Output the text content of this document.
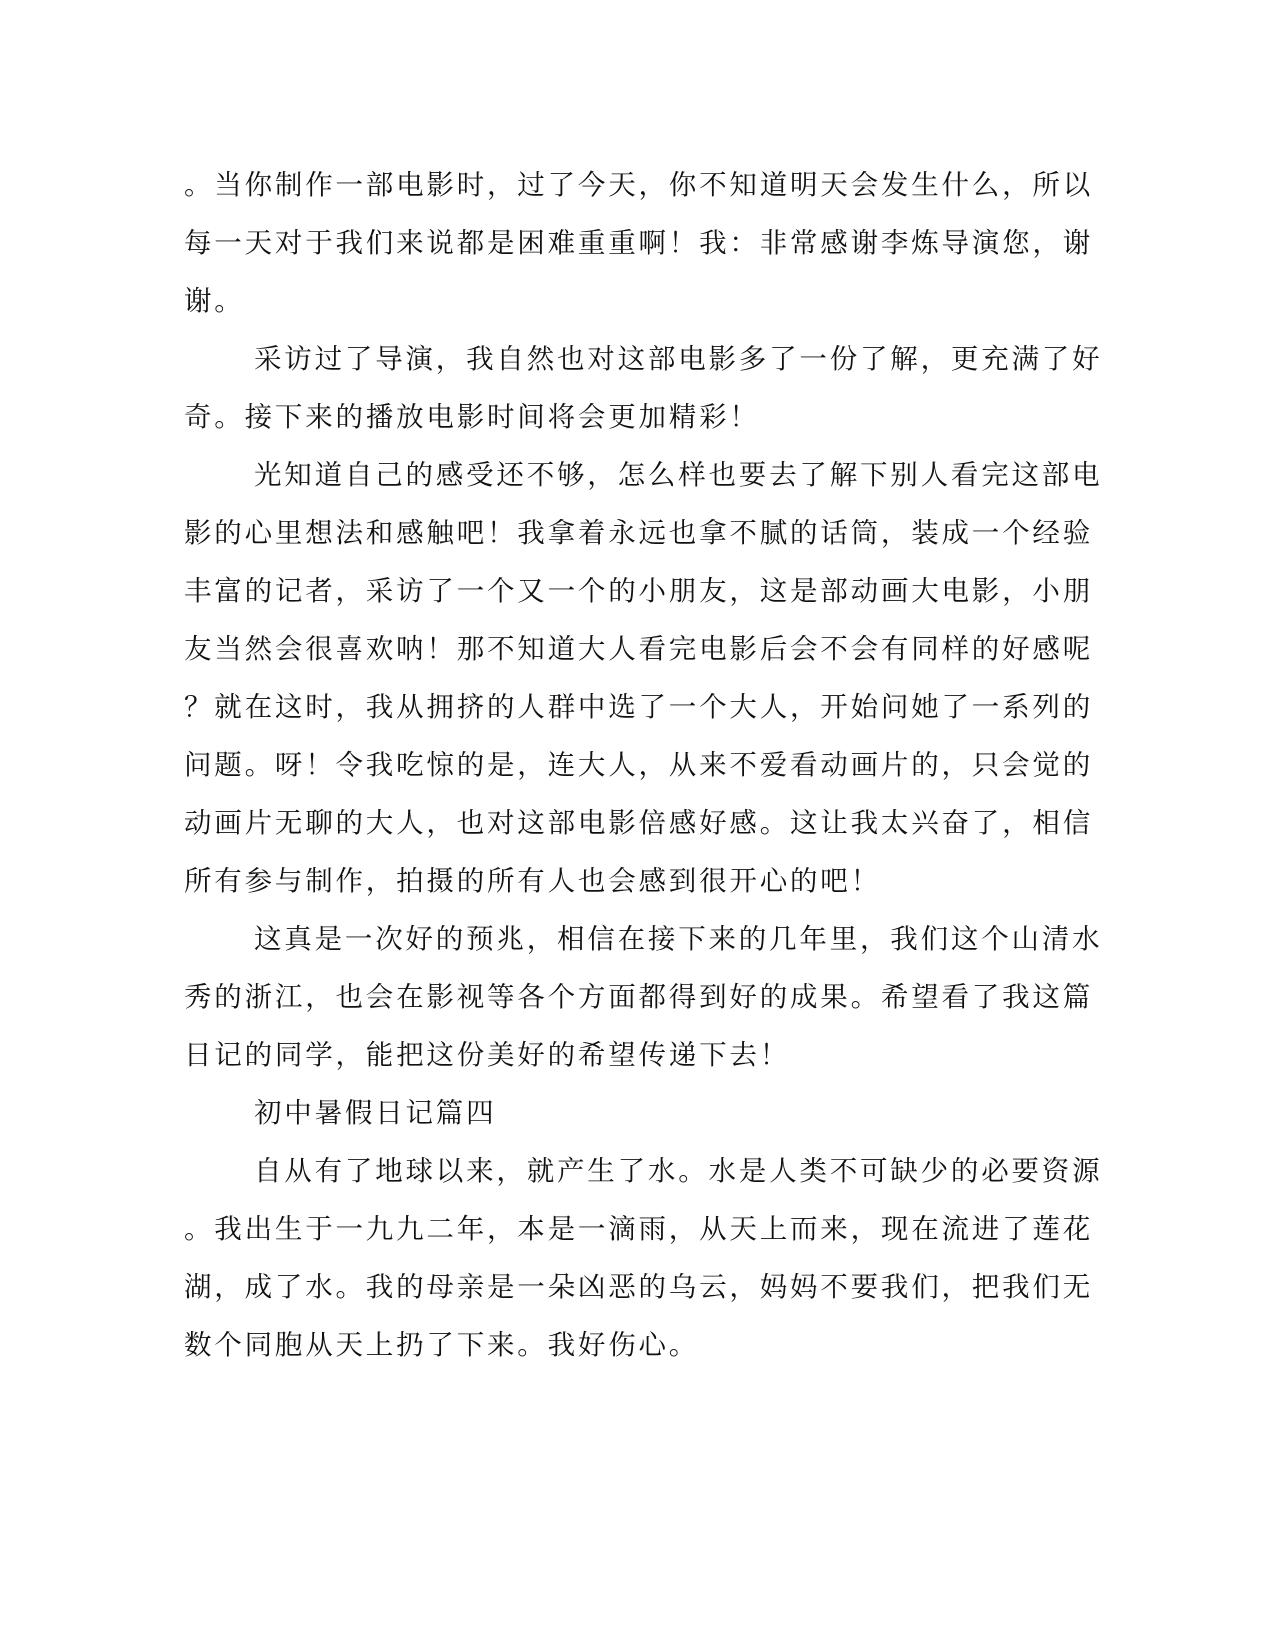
。当你制作一部电影时，过了今天，你不知道明天会发生什么，所以
每一天对于我们来说都是困难重重啊！我：非常感谢李炼导演您，谢
谢。
采访过了导演，我自然也对这部电影多了一份了解，更充满了好
奇。接下来的播放电影时间将会更加精彩！
光知道自己的感受还不够，怎么样也要去了解下别人看完这部电
影的心里想法和感触吧！我拿着永远也拿不腻的话筒，装成一个经验
丰富的记者，采访了一个又一个的小朋友，这是部动画大电影，小朋
友当然会很喜欢呐！那不知道大人看完电影后会不会有同样的好感呢
？就在这时，我从拥挤的人群中选了一个大人，开始问她了一系列的
问题。呀！令我吃惊的是，连大人，从来不爱看动画片的，只会觉的
动画片无聊的大人，也对这部电影倍感好感。这让我太兴奋了，相信
所有参与制作，拍摄的所有人也会感到很开心的吧！
这真是一次好的预兆，相信在接下来的几年里，我们这个山清水
秀的浙江，也会在影视等各个方面都得到好的成果。希望看了我这篇
日记的同学，能把这份美好的希望传递下去！
初中暑假日记篇四
自从有了地球以来，就产生了水。水是人类不可缺少的必要资源
。我出生于一九九二年，本是一滴雨，从天上而来，现在流进了莲花
湖，成了水。我的母亲是一朵凶恶的乌云，妈妈不要我们，把我们无
数个同胞从天上扔了下来。我好伤心。
